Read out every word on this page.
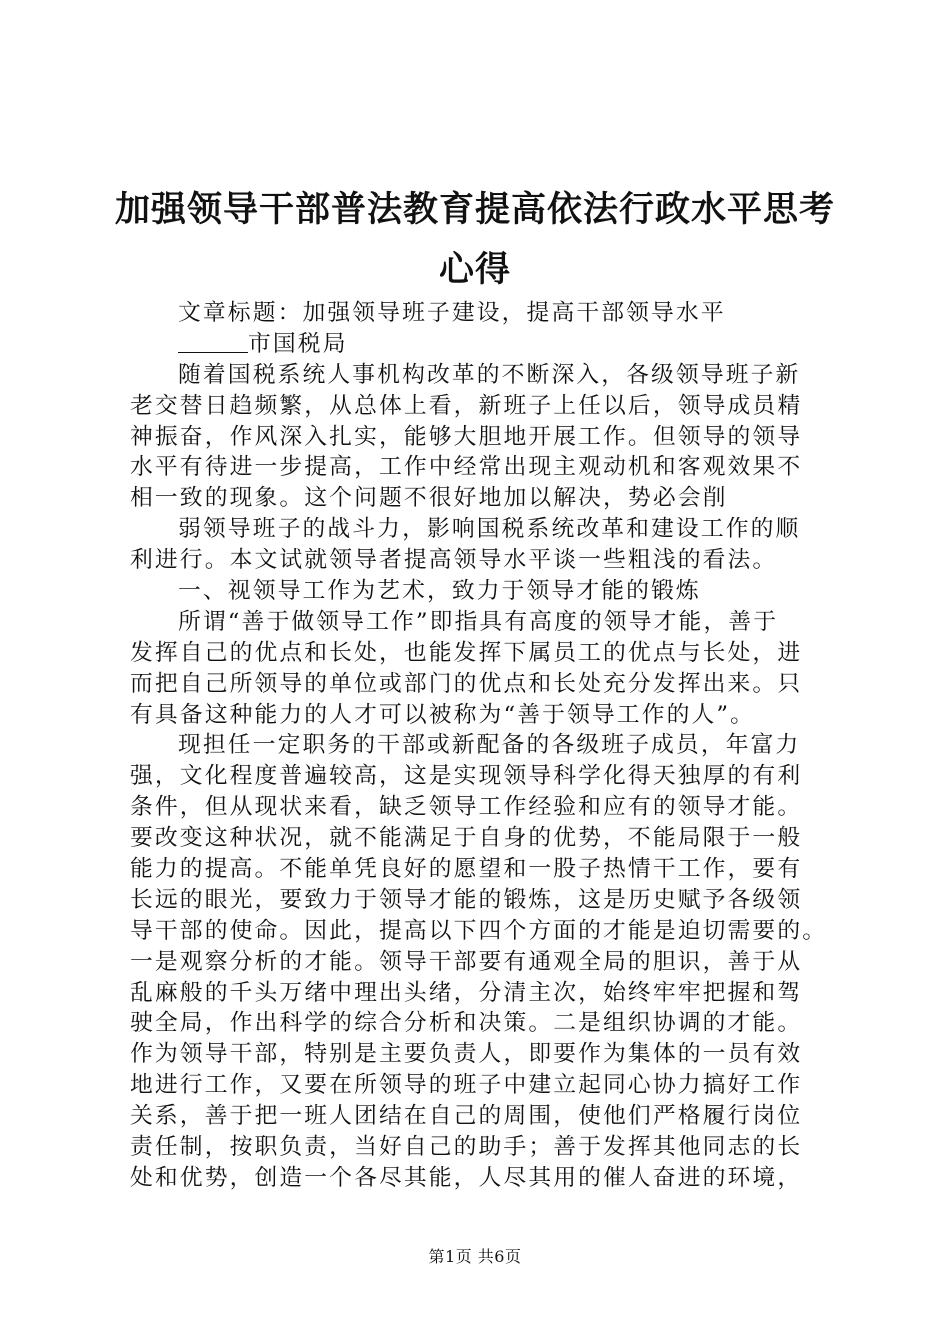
加强领导干部普法教育提高依法行政水平思考
心得
文章标题：加强领导班子建设，提高干部领导水平
市国税局
随着国税系统人事机构改革的不断深入，各级领导班子新
老交替日趋频繁，从总体上看，新班子上任以后，领导成员精
神振奋，作风深入扎实，能够大胆地开展工作。但领导的领导
水平有待进一步提高，工作中经常出现主观动机和客观效果不
相一致的现象。这个问题不很好地加以解决，势必会削
弱领导班子的战斗力，影响国税系统改革和建设工作的顺
利进行。本文试就领导者提高领导水平谈一些粗浅的看法。
一、视领导工作为艺术，致力于领导才能的锻炼
所谓“善于做领导工作”即指具有高度的领导才能，善于
发挥自己的优点和长处，也能发挥下属员工的优点与长处，进
而把自己所领导的单位或部门的优点和长处充分发挥出来。只
有具备这种能力的人才可以被称为“善于领导工作的人”。
现担任一定职务的干部或新配备的各级班子成员，年富力
强，文化程度普遍较高，这是实现领导科学化得天独厚的有利
条件，但从现状来看，缺乏领导工作经验和应有的领导才能。
要改变这种状况，就不能满足于自身的优势，不能局限于一般
能力的提高。不能单凭良好的愿望和一股子热情干工作，要有
长远的眼光，要致力于领导才能的锻炼，这是历史赋予各级领
导干部的使命。因此，提高以下四个方面的才能是迫切需要的。
一是观察分析的才能。领导干部要有通观全局的胆识，善于从
乱麻般的千头万绪中理出头绪，分清主次，始终牢牢把握和驾
驶全局，作出科学的综合分析和决策。二是组织协调的才能。
作为领导干部，特别是主要负责人，即要作为集体的一员有效
地进行工作，又要在所领导的班子中建立起同心协力搞好工作
关系，善于把一班人团结在自己的周围，使他们严格履行岗位
责任制，按职负责，当好自己的助手；善于发挥其他同志的长
处和优势，创造一个各尽其能，人尽其用的催人奋进的环境，
第1页 共6页
